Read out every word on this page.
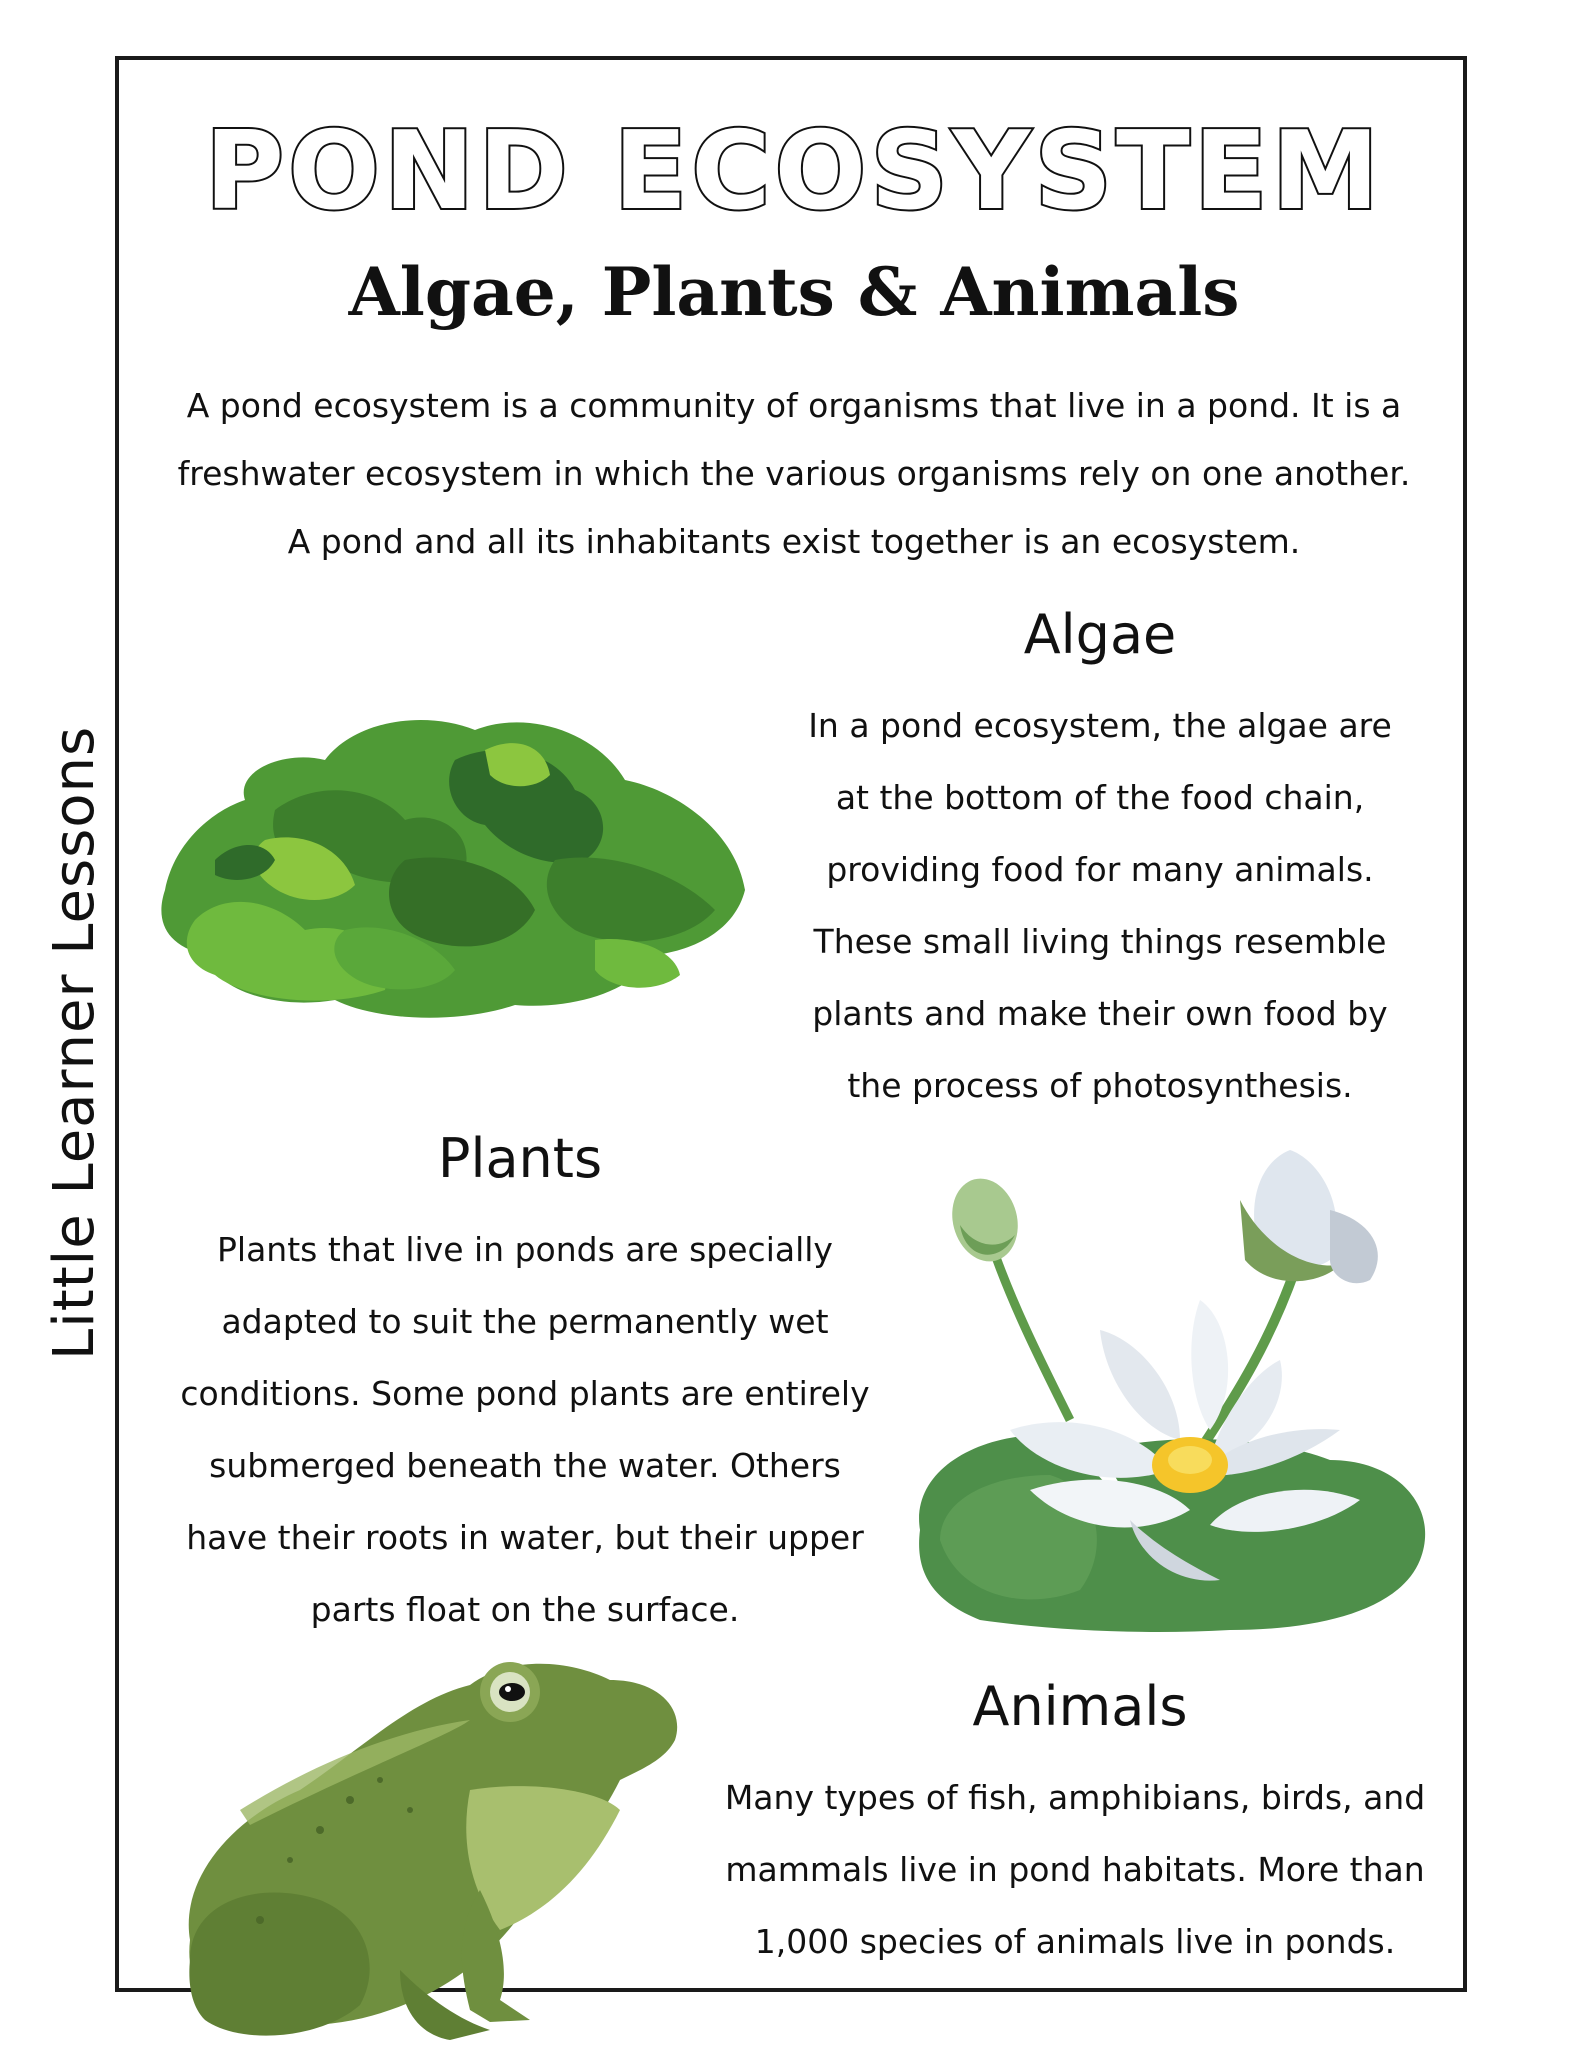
Little Learner Lessons
POND ECOSYSTEM
Algae, Plants & Animals
A pond ecosystem is a community of organisms that live in a pond. It is a
freshwater ecosystem in which the various organisms rely on one another.
A pond and all its inhabitants exist together is an ecosystem.
Algae
In a pond ecosystem, the algae are
at the bottom of the food chain,
providing food for many animals.
These small living things resemble
plants and make their own food by
the process of photosynthesis.
Plants
Plants that live in ponds are specially
adapted to suit the permanently wet
conditions. Some pond plants are entirely
submerged beneath the water. Others
have their roots in water, but their upper
parts float on the surface.
Animals
Many types of fish, amphibians, birds, and
mammals live in pond habitats. More than
1,000 species of animals live in ponds.
